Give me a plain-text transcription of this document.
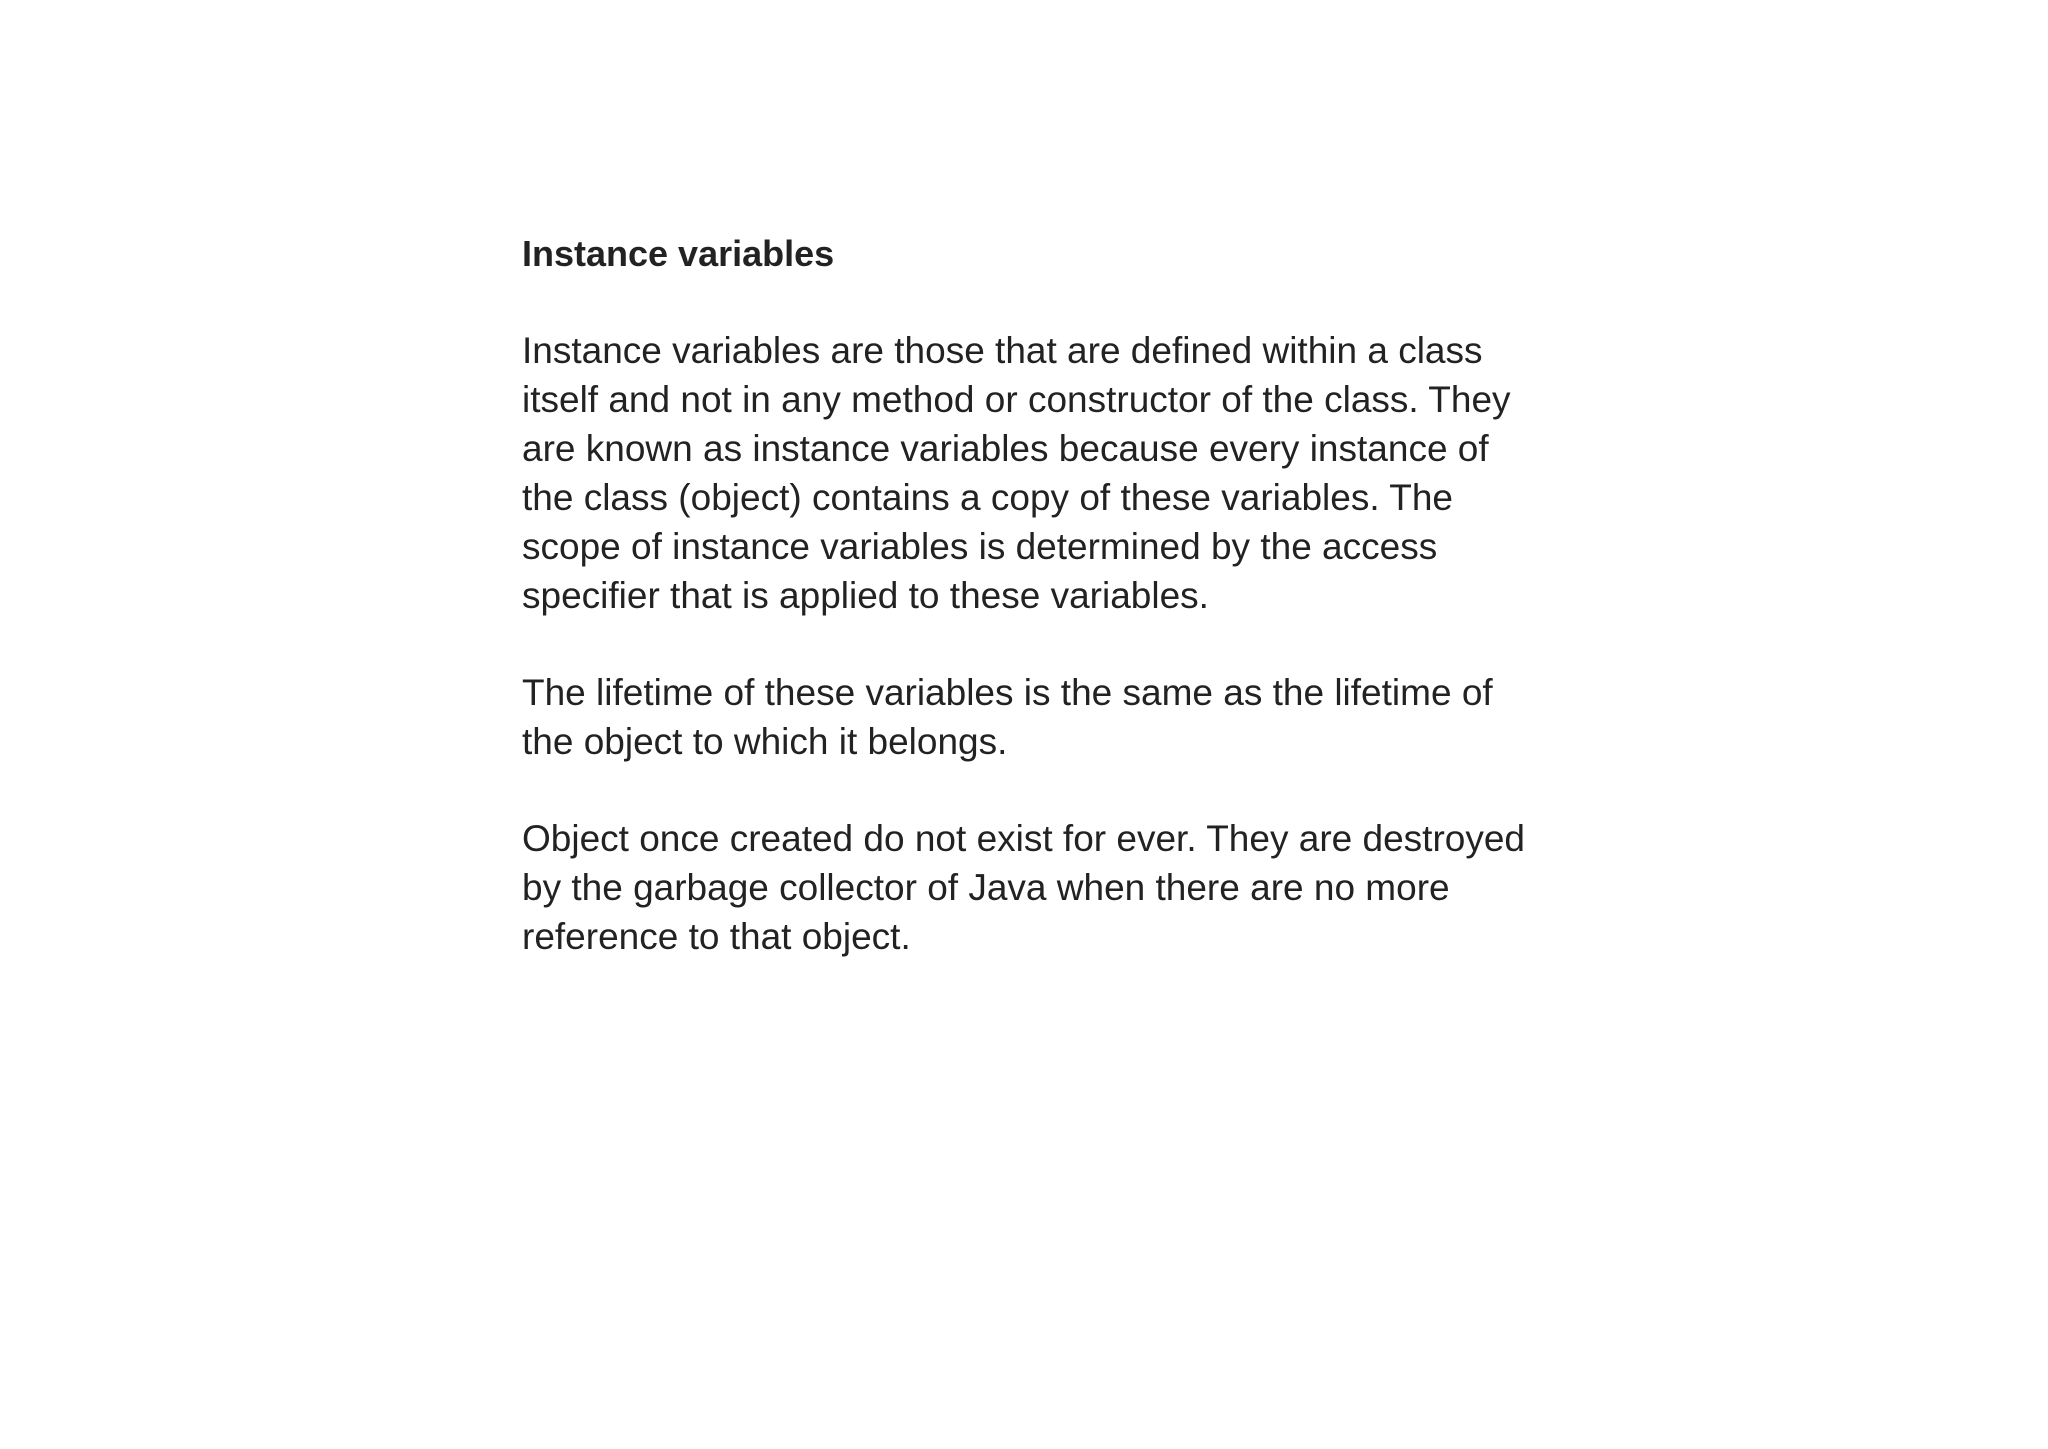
Instance variables

Instance variables are those that are defined within a class
itself and not in any method or constructor of the class. They
are known as instance variables because every instance of
the class (object) contains a copy of these variables. The
scope of instance variables is determined by the access
specifier that is applied to these variables.

The lifetime of these variables is the same as the lifetime of
the object to which it belongs.

Object once created do not exist for ever. They are destroyed
by the garbage collector of Java when there are no more
reference to that object.
